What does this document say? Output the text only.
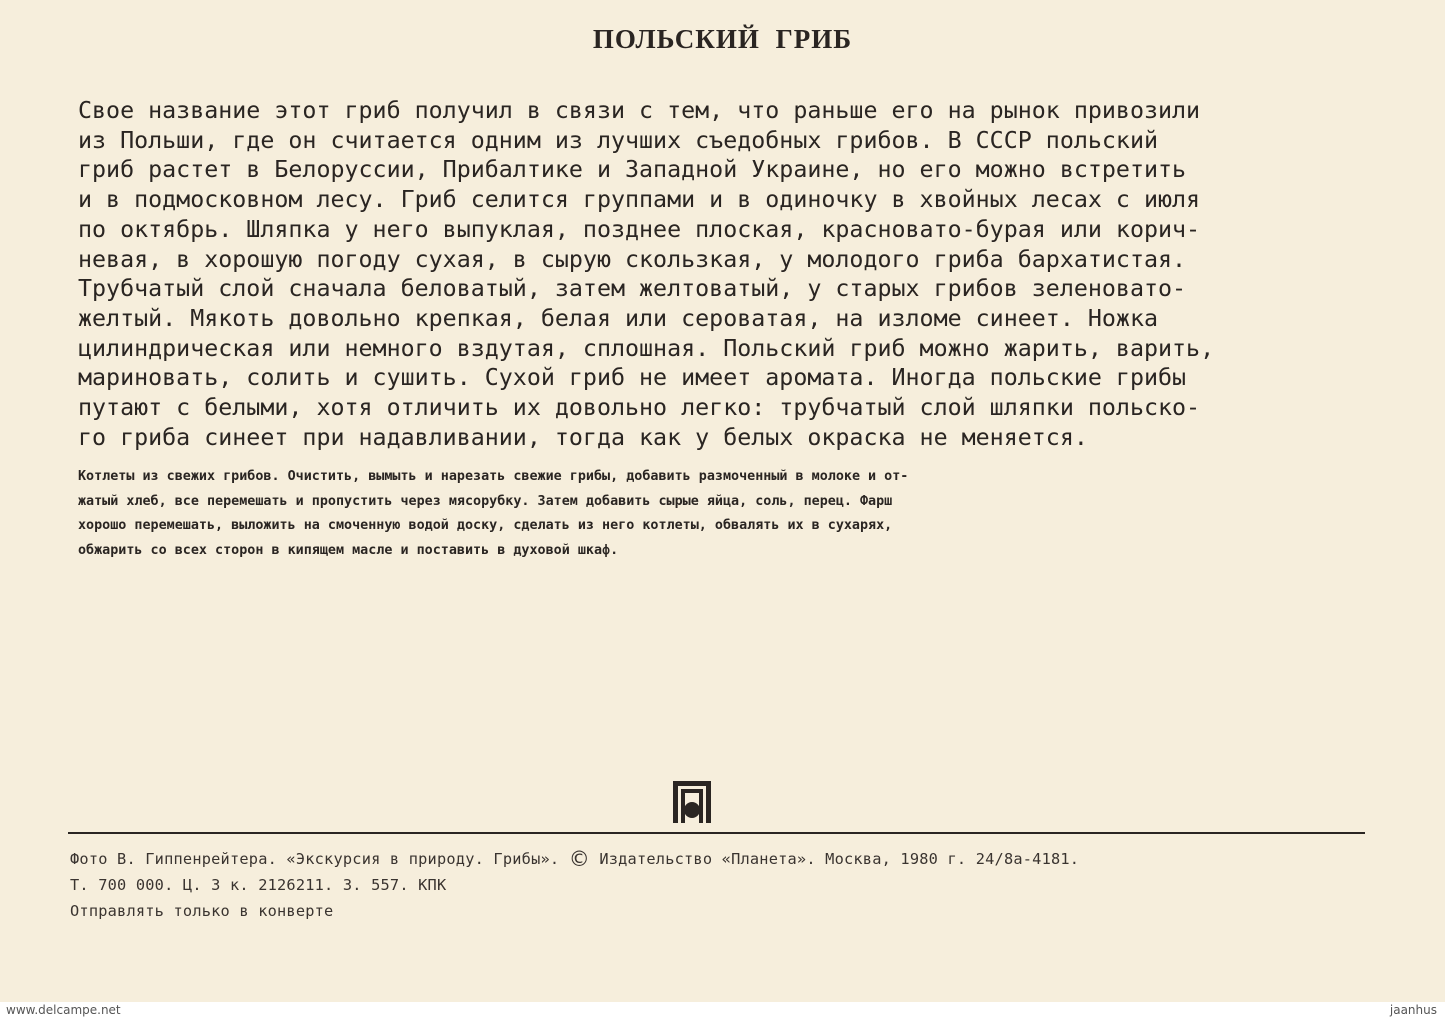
ПОЛЬСКИЙ ГРИБ
Свое название этот гриб получил в связи с тем, что раньше его на рынок привозили
из Польши, где он считается одним из лучших съедобных грибов. В СССР польский
гриб растет в Белоруссии, Прибалтике и Западной Украине, но его можно встретить
и в подмосковном лесу. Гриб селится группами и в одиночку в хвойных лесах с июля
по октябрь. Шляпка у него выпуклая, позднее плоская, красновато-бурая или корич-
невая, в хорошую погоду сухая, в сырую скользкая, у молодого гриба бархатистая.
Трубчатый слой сначала беловатый, затем желтоватый, у старых грибов зеленовато-
желтый. Мякоть довольно крепкая, белая или сероватая, на изломе синеет. Ножка
цилиндрическая или немного вздутая, сплошная. Польский гриб можно жарить, варить,
мариновать, солить и сушить. Сухой гриб не имеет аромата. Иногда польские грибы
путают с белыми, хотя отличить их довольно легко: трубчатый слой шляпки польско-
го гриба синеет при надавливании, тогда как у белых окраска не меняется.
Котлеты из свежих грибов. Очистить, вымыть и нарезать свежие грибы, добавить размоченный в молоке и от-
жатый хлеб, все перемешать и пропустить через мясорубку. Затем добавить сырые яйца, соль, перец. Фарш
хорошо перемешать, выложить на смоченную водой доску, сделать из него котлеты, обвалять их в сухарях,
обжарить со всех сторон в кипящем масле и поставить в духовой шкаф.
Фото В. Гиппенрейтера. «Экскурсия в природу. Грибы». © Издательство «Планета». Москва, 1980 г. 24/8а-4181.
Т. 700 000. Ц. 3 к. 2126211. З. 557. КПК
Отправлять только в конверте
www.delcampe.net	jaanhus
